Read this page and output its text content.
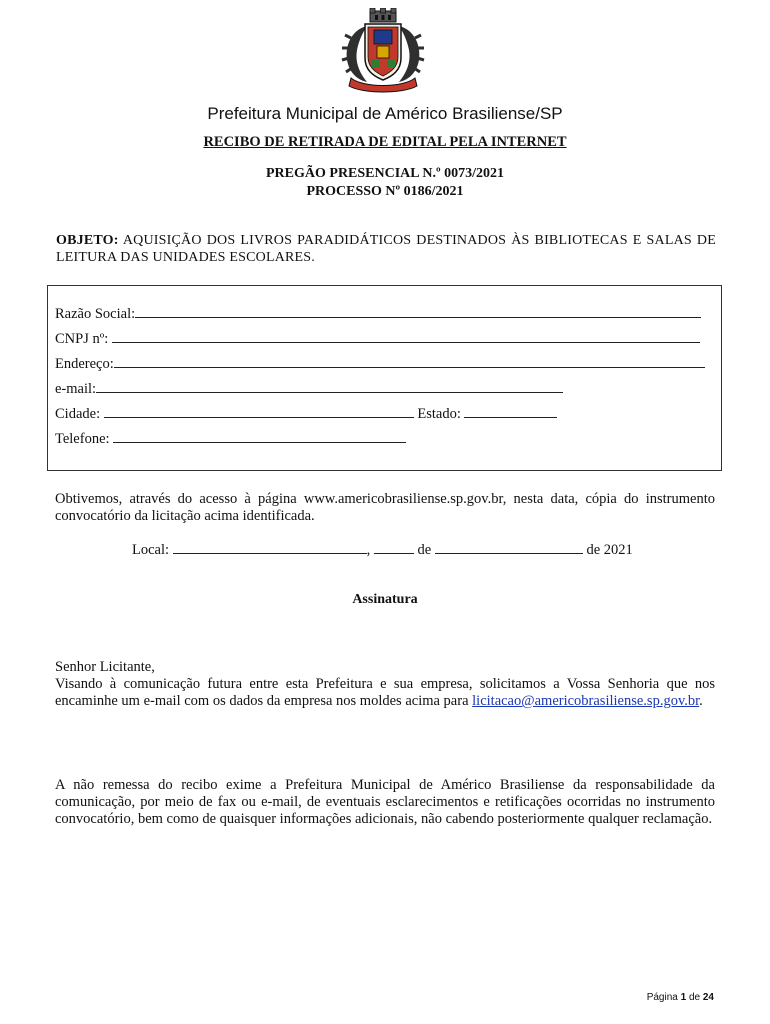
Prefeitura Municipal de Américo Brasiliense/SP
RECIBO DE RETIRADA DE EDITAL PELA INTERNET
PREGÃO PRESENCIAL N.º 0073/2021
PROCESSO Nº 0186/2021
OBJETO: AQUISIÇÃO DOS LIVROS PARADIDÁTICOS DESTINADOS ÀS BIBLIOTECAS E SALAS DE LEITURA DAS UNIDADES ESCOLARES.
Razão Social:
CNPJ nº:
Endereço:
e-mail:
Cidade:	Estado:
Telefone:
Obtivemos, através do acesso à página www.americobrasiliense.sp.gov.br, nesta data, cópia do instrumento convocatório da licitação acima identificada.
Local:	,	de	de 2021
Assinatura
Senhor Licitante,
Visando à comunicação futura entre esta Prefeitura e sua empresa, solicitamos a Vossa Senhoria que nos encaminhe um e-mail com os dados da empresa nos moldes acima para licitacao@americobrasiliense.sp.gov.br.
A não remessa do recibo exime a Prefeitura Municipal de Américo Brasiliense da responsabilidade da comunicação, por meio de fax ou e-mail, de eventuais esclarecimentos e retificações ocorridas no instrumento convocatório, bem como de quaisquer informações adicionais, não cabendo posteriormente qualquer reclamação.
Página 1 de 24
